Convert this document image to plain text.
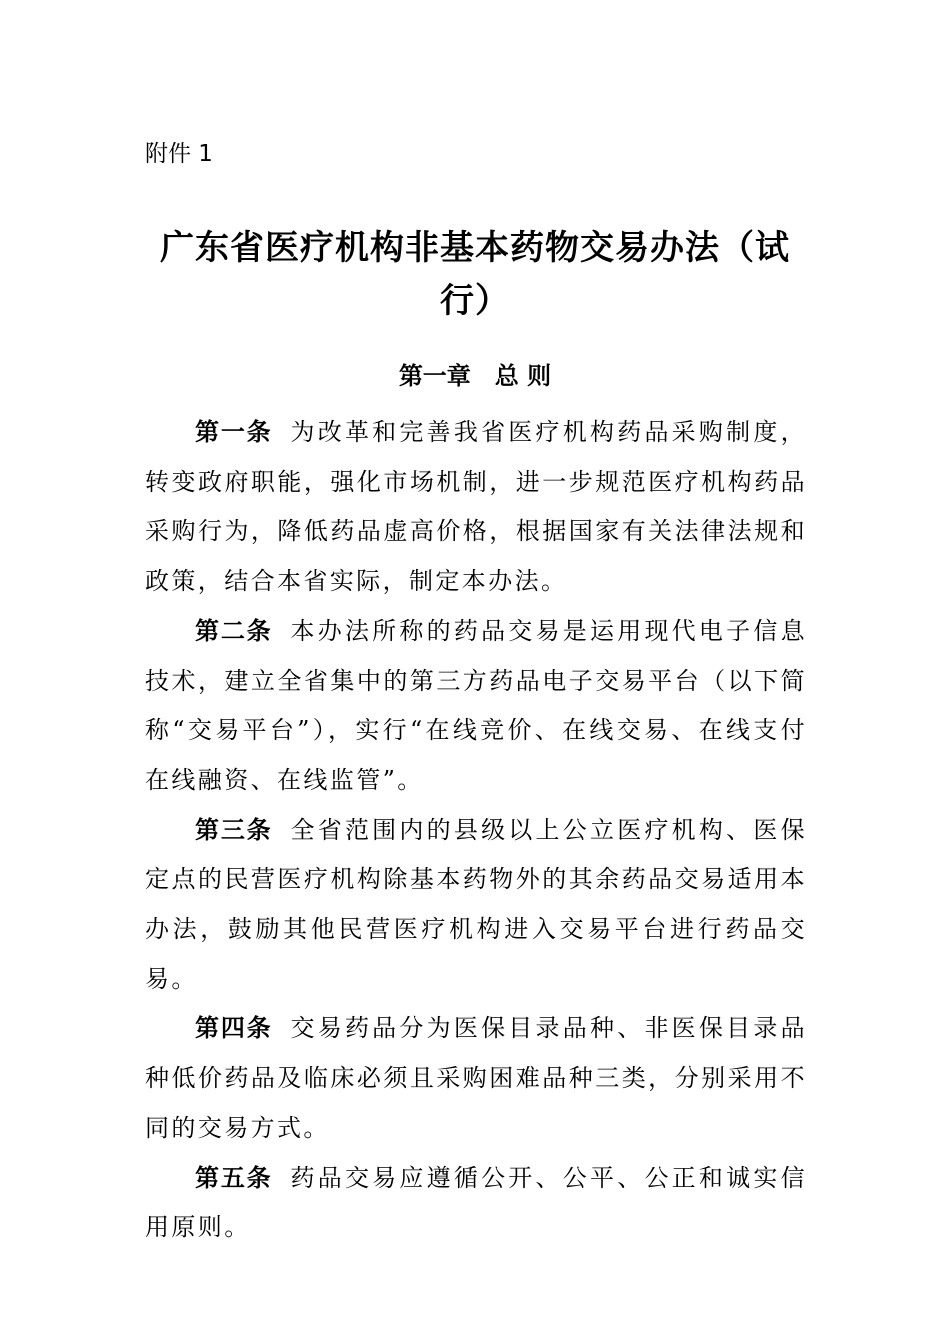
附件 1
广东省医疗机构非基本药物交易办法（试行）
第一章　总 则

第一条 为改革和完善我省医疗机构药品采购制度，转变政府职能，强化市场机制，进一步规范医疗机构药品采购行为，降低药品虚高价格，根据国家有关法律法规和政策，结合本省实际，制定本办法。

第二条 本办法所称的药品交易是运用现代电子信息技术，建立全省集中的第三方药品电子交易平台（以下简称“交易平台”），实行“在线竞价、在线交易、在线支付在线融资、在线监管”。

第三条 全省范围内的县级以上公立医疗机构、医保定点的民营医疗机构除基本药物外的其余药品交易适用本办法，鼓励其他民营医疗机构进入交易平台进行药品交易。

第四条 交易药品分为医保目录品种、非医保目录品种低价药品及临床必须且采购困难品种三类，分别采用不同的交易方式。

第五条 药品交易应遵循公开、公平、公正和诚实信用原则。
